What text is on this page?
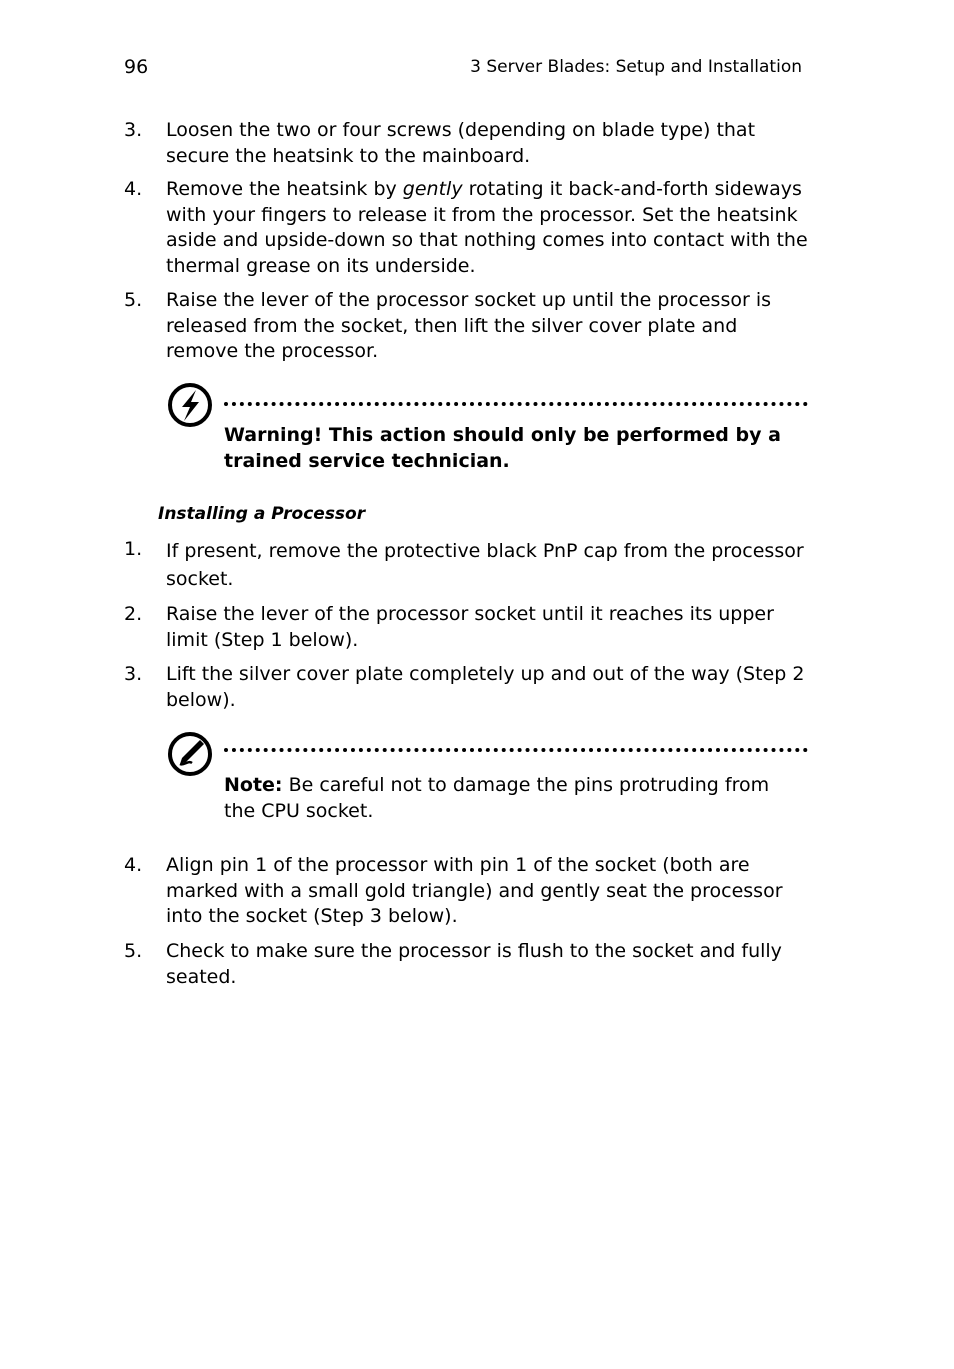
96	3 Server Blades: Setup and Installation
3. Loosen the two or four screws (depending on blade type) that secure the heatsink to the mainboard.
4. Remove the heatsink by gently rotating it back-and-forth sideways with your fingers to release it from the processor. Set the heatsink aside and upside-down so that nothing comes into contact with the thermal grease on its underside.
5. Raise the lever of the processor socket up until the processor is released from the socket, then lift the silver cover plate and remove the processor.
Warning! This action should only be performed by a trained service technician.
Installing a Processor
1. If present, remove the protective black PnP cap from the processor socket.
2. Raise the lever of the processor socket until it reaches its upper limit (Step 1 below).
3. Lift the silver cover plate completely up and out of the way (Step 2 below).
Note: Be careful not to damage the pins protruding from the CPU socket.
4. Align pin 1 of the processor with pin 1 of the socket (both are marked with a small gold triangle) and gently seat the processor into the socket (Step 3 below).
5. Check to make sure the processor is flush to the socket and fully seated.
